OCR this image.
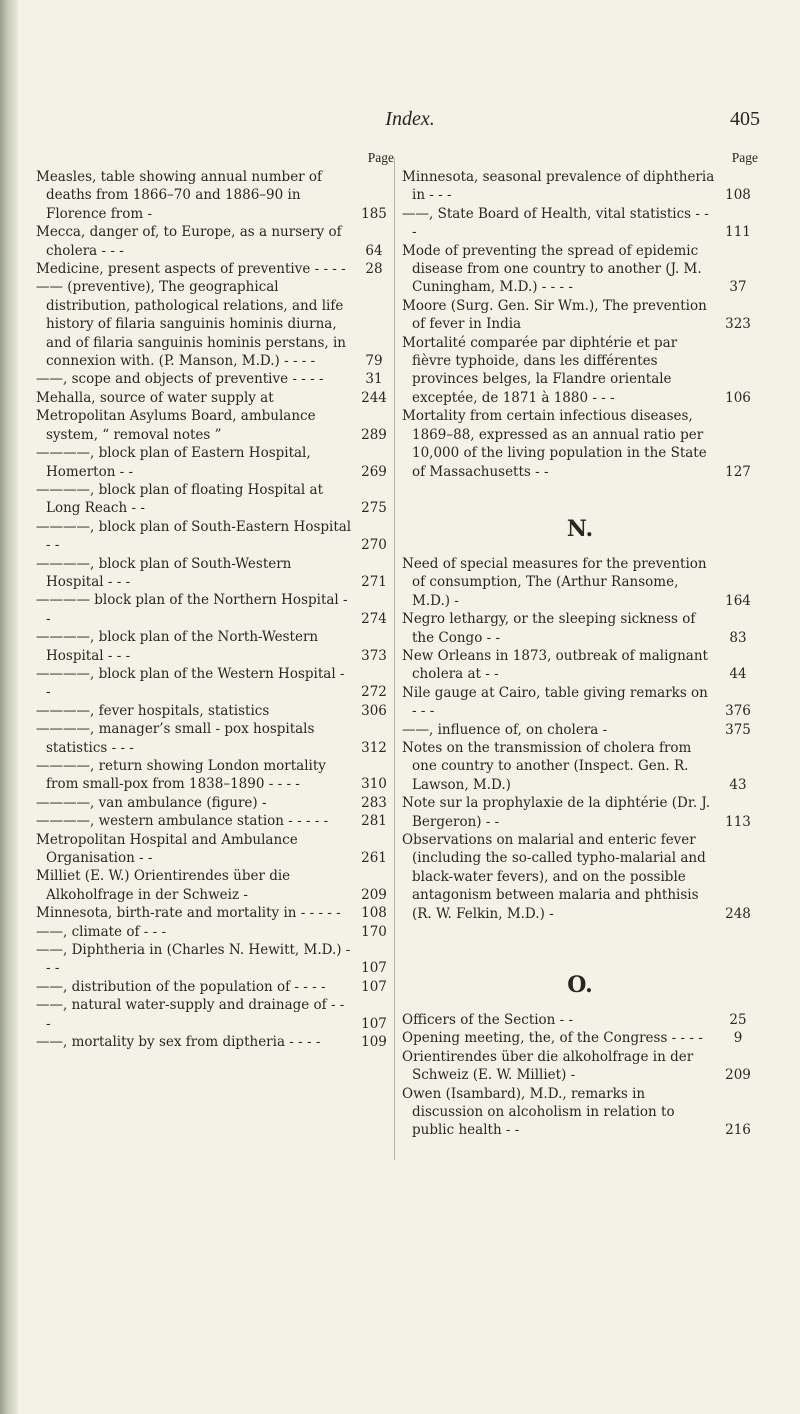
Index.	405
Page
Measles, table showing annual number of deaths from 1866–70 and 1886–90 in Florence from -	185
Mecca, danger of, to Europe, as a nursery of cholera - - -	64
Medicine, present aspects of preventive - - - -	28
—— (preventive), The geographical distribution, pathological relations, and life history of filaria sanguinis hominis diurna, and of filaria sanguinis hominis perstans, in connexion with. (P. Manson, M.D.) - - - -	79
——, scope and objects of preventive - - - -	31
Mehalla, source of water supply at	244
Metropolitan Asylums Board, ambulance system, “ removal notes ”	289
————, block plan of Eastern Hospital, Homerton - -	269
————, block plan of floating Hospital at Long Reach - -	275
————, block plan of South-Eastern Hospital - -	270
————, block plan of South-Western Hospital - - -	271
———— block plan of the Northern Hospital - -	274
————, block plan of the North-Western Hospital - - -	373
————, block plan of the Western Hospital - -	272
————, fever hospitals, statistics	306
————, manager’s small - pox hospitals statistics - - -	312
————, return showing London mortality from small-pox from 1838–1890 - - - -	310
————, van ambulance (figure) -	283
————, western ambulance station - - - - -	281
Metropolitan Hospital and Ambulance Organisation - -	261
Milliet (E. W.) Orientirendes über die Alkoholfrage in der Schweiz -	209
Minnesota, birth-rate and mortality in - - - - -	108
——, climate of - - -	170
——, Diphtheria in (Charles N. Hewitt, M.D.) - - -	107
——, distribution of the population of - - - -	107
——, natural water-supply and drainage of - - -	107
——, mortality by sex from diptheria - - - -	109
Page
Minnesota, seasonal prevalence of diphtheria in - - -	108
——, State Board of Health, vital statistics - - -	111
Mode of preventing the spread of epidemic disease from one country to another (J. M. Cuningham, M.D.) - - - -	37
Moore (Surg. Gen. Sir Wm.), The prevention of fever in India	323
Mortalité comparée par diphtérie et par fièvre typhoide, dans les différentes provinces belges, la Flandre orientale exceptée, de 1871 à 1880 - - -	106
Mortality from certain infectious diseases, 1869–88, expressed as an annual ratio per 10,000 of the living population in the State of Massachusetts - -	127
N.
Need of special measures for the prevention of consumption, The (Arthur Ransome, M.D.) -	164
Negro lethargy, or the sleeping sickness of the Congo - -	83
New Orleans in 1873, outbreak of malignant cholera at - -	44
Nile gauge at Cairo, table giving remarks on - - -	376
——, influence of, on cholera -	375
Notes on the transmission of cholera from one country to another (Inspect. Gen. R. Lawson, M.D.)	43
Note sur la prophylaxie de la diphtérie (Dr. J. Bergeron) - -	113
Observations on malarial and enteric fever (including the so-called typho-malarial and black-water fevers), and on the possible antagonism between malaria and phthisis (R. W. Felkin, M.D.) -	248
O.
Officers of the Section - -	25
Opening meeting, the, of the Congress - - - -	9
Orientirendes über die alkoholfrage in der Schweiz (E. W. Milliet) -	209
Owen (Isambard), M.D., remarks in discussion on alcoholism in relation to public health - -	216
